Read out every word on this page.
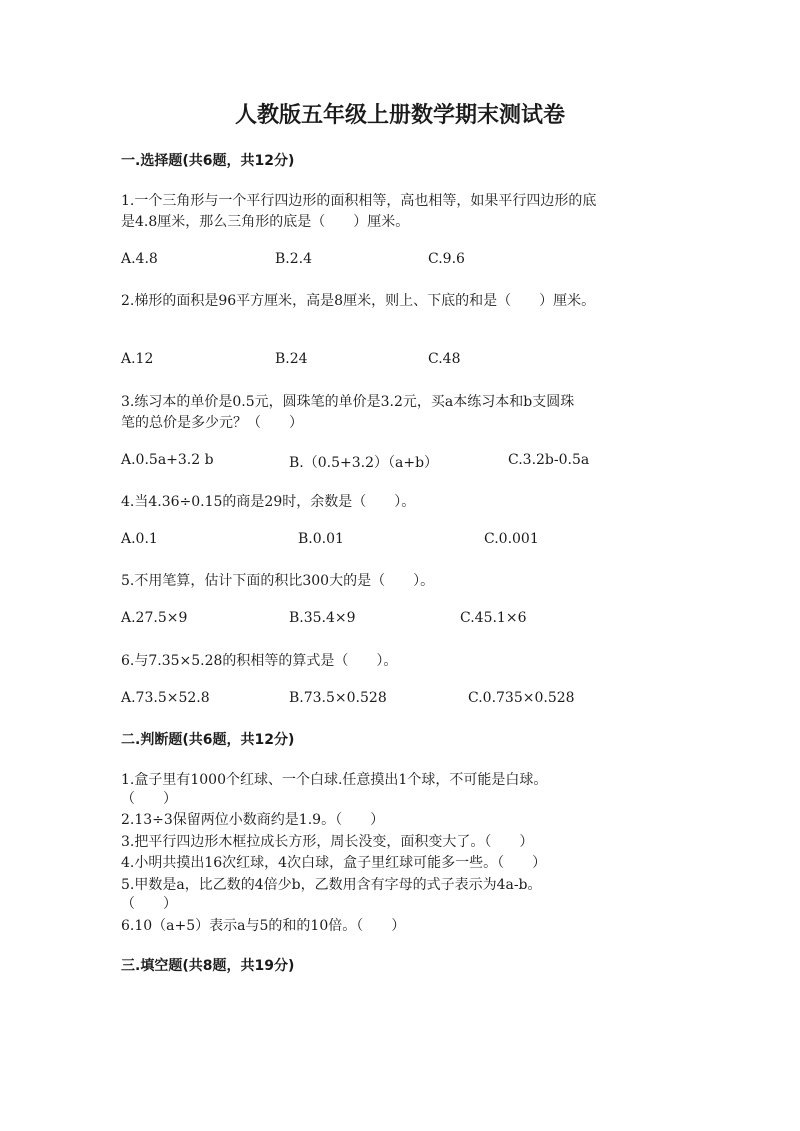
人教版五年级上册数学期末测试卷
一.选择题(共6题，共12分)
1.一个三角形与一个平行四边形的面积相等，高也相等，如果平行四边形的底
是4.8厘米，那么三角形的底是（　　）厘米。
A.4.8	B.2.4	C.9.6
2.梯形的面积是96平方厘米，高是8厘米，则上、下底的和是（　　）厘米。
A.12	B.24	C.48
3.练习本的单价是0.5元，圆珠笔的单价是3.2元，买a本练习本和b支圆珠
笔的总价是多少元？（　　）
A.0.5a+3.2 b	B.（0.5+3.2）（a+b）	C.3.2b-0.5a
4.当4.36÷0.15的商是29时，余数是（　　）。
A.0.1	B.0.01	C.0.001
5.不用笔算，估计下面的积比300大的是（　　）。
A.27.5×9	B.35.4×9	C.45.1×6
6.与7.35×5.28的积相等的算式是（　　）。
A.73.5×52.8	B.73.5×0.528	C.0.735×0.528
二.判断题(共6题，共12分)
1.盒子里有1000个红球、一个白球.任意摸出1个球，不可能是白球。
（　　）
2.13÷3保留两位小数商约是1.9。（　　）
3.把平行四边形木框拉成长方形，周长没变，面积变大了。（　　）
4.小明共摸出16次红球，4次白球，盒子里红球可能多一些。（　　）
5.甲数是a，比乙数的4倍少b，乙数用含有字母的式子表示为4a-b。
（　　）
6.10（a+5）表示a与5的和的10倍。（　　）
三.填空题(共8题，共19分)
